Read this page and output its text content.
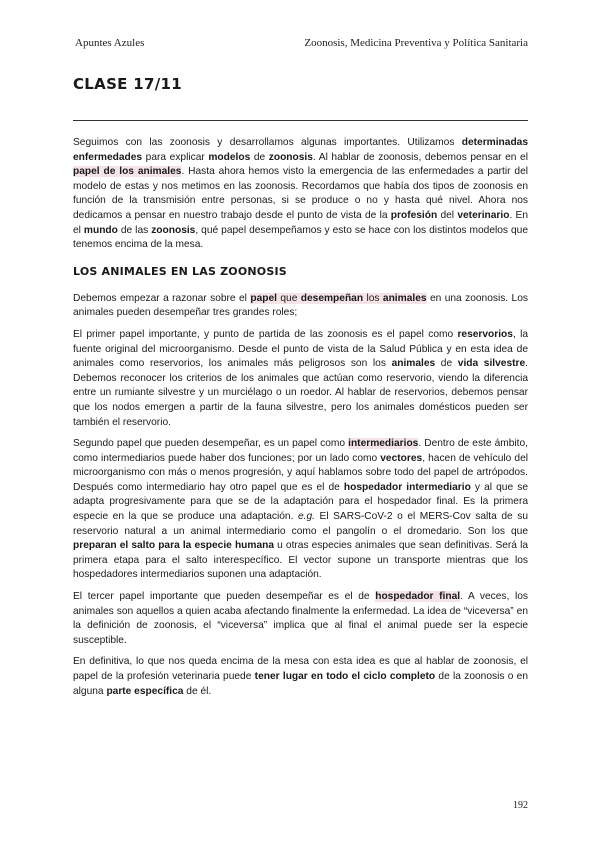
Apuntes Azules	Zoonosis, Medicina Preventiva y Política Sanitaria
CLASE 17/11

Seguimos con las zoonosis y desarrollamos algunas importantes. Utilizamos determinadas enfermedades para explicar modelos de zoonosis. Al hablar de zoonosis, debemos pensar en el papel de los animales. Hasta ahora hemos visto la emergencia de las enfermedades a partir del modelo de estas y nos metimos en las zoonosis. Recordamos que había dos tipos de zoonosis en función de la transmisión entre personas, si se produce o no y hasta qué nivel. Ahora nos dedicamos a pensar en nuestro trabajo desde el punto de vista de la profesión del veterinario. En el mundo de las zoonosis, qué papel desempeñamos y esto se hace con los distintos modelos que tenemos encima de la mesa.

LOS ANIMALES EN LAS ZOONOSIS

Debemos empezar a razonar sobre el papel que desempeñan los animales en una zoonosis. Los animales pueden desempeñar tres grandes roles;

El primer papel importante, y punto de partida de las zoonosis es el papel como reservorios, la fuente original del microorganismo. Desde el punto de vista de la Salud Pública y en esta idea de animales como reservorios, los animales más peligrosos son los animales de vida silvestre. Debemos reconocer los criterios de los animales que actúan como reservorio, viendo la diferencia entre un rumiante silvestre y un murciélago o un roedor. Al hablar de reservorios, debemos pensar que los nodos emergen a partir de la fauna silvestre, pero los animales domésticos pueden ser también el reservorio.

Segundo papel que pueden desempeñar, es un papel como intermediarios. Dentro de este ámbito, como intermediarios puede haber dos funciones; por un lado como vectores, hacen de vehículo del microorganismo con más o menos progresión, y aquí hablamos sobre todo del papel de artrópodos. Después como intermediario hay otro papel que es el de hospedador intermediario y al que se adapta progresivamente para que se de la adaptación para el hospedador final. Es la primera especie en la que se produce una adaptación. e.g. El SARS-CoV-2 o el MERS-Cov salta de su reservorio natural a un animal intermediario como el pangolín o el dromedario. Son los que preparan el salto para la especie humana u otras especies animales que sean definitivas. Será la primera etapa para el salto interespecífico. El vector supone un transporte mientras que los hospedadores intermediarios suponen una adaptación.

El tercer papel importante que pueden desempeñar es el de hospedador final. A veces, los animales son aquellos a quien acaba afectando finalmente la enfermedad. La idea de “viceversa” en la definición de zoonosis, el “viceversa” implica que al final el animal puede ser la especie susceptible.

En definitiva, lo que nos queda encima de la mesa con esta idea es que al hablar de zoonosis, el papel de la profesión veterinaria puede tener lugar en todo el ciclo completo de la zoonosis o en alguna parte específica de él.

192
